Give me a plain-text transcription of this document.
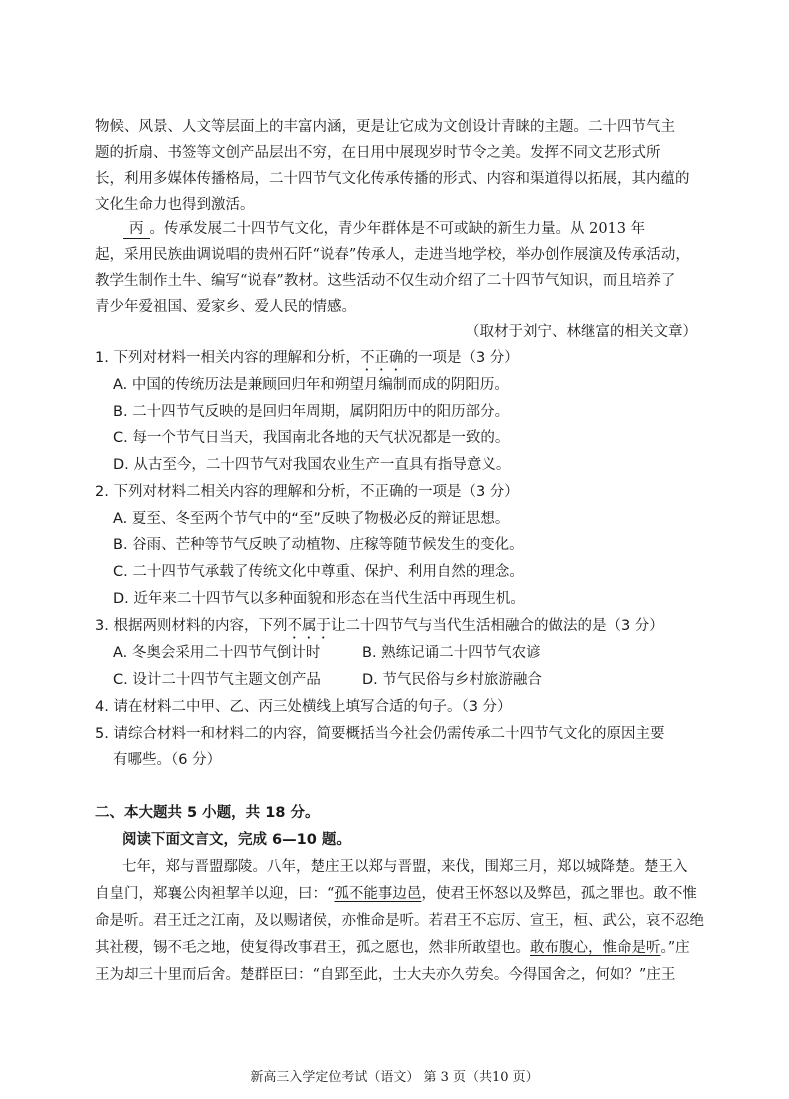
物候、风景、人文等层面上的丰富内涵，更是让它成为文创设计青睐的主题。二十四节气主
题的折扇、书签等文创产品层出不穷，在日用中展现岁时节令之美。发挥不同文艺形式所
长，利用多媒体传播格局，二十四节气文化传承传播的形式、内容和渠道得以拓展，其内蕴的
文化生命力也得到激活。
丙 。传承发展二十四节气文化，青少年群体是不可或缺的新生力量。从 2013 年
起，采用民族曲调说唱的贵州石阡“说春”传承人，走进当地学校，举办创作展演及传承活动，
教学生制作土牛、编写“说春”教材。这些活动不仅生动介绍了二十四节气知识，而且培养了
青少年爱祖国、爱家乡、爱人民的情感。
（取材于刘宁、林继富的相关文章）
1. 下列对材料一相关内容的理解和分析，不正确的一项是（3 分）
A. 中国的传统历法是兼顾回归年和朔望月编制而成的阴阳历。
B. 二十四节气反映的是回归年周期，属阴阳历中的阳历部分。
C. 每一个节气日当天，我国南北各地的天气状况都是一致的。
D. 从古至今，二十四节气对我国农业生产一直具有指导意义。
2. 下列对材料二相关内容的理解和分析，不正确的一项是（3 分）
A. 夏至、冬至两个节气中的“至”反映了物极必反的辩证思想。
B. 谷雨、芒种等节气反映了动植物、庄稼等随节候发生的变化。
C. 二十四节气承载了传统文化中尊重、保护、利用自然的理念。
D. 近年来二十四节气以多种面貌和形态在当代生活中再现生机。
3. 根据两则材料的内容，下列不属于让二十四节气与当代生活相融合的做法的是（3 分）
A. 冬奥会采用二十四节气倒计时	B. 熟练记诵二十四节气农谚
C. 设计二十四节气主题文创产品	D. 节气民俗与乡村旅游融合
4. 请在材料二中甲、乙、丙三处横线上填写合适的句子。（3 分）
5. 请综合材料一和材料二的内容，简要概括当今社会仍需传承二十四节气文化的原因主要
有哪些。（6 分）
二、本大题共 5 小题，共 18 分。
阅读下面文言文，完成 6—10 题。
七年，郑与晋盟鄢陵。八年，楚庄王以郑与晋盟，来伐，围郑三月，郑以城降楚。楚王入
自皇门，郑襄公肉袒挈羊以迎，曰：“孤不能事边邑，使君王怀怒以及弊邑，孤之罪也。敢不惟
命是听。君王迁之江南，及以赐诸侯，亦惟命是听。若君王不忘厉、宣王，桓、武公，哀不忍绝
其社稷，锡不毛之地，使复得改事君王，孤之愿也，然非所敢望也。敢布腹心，惟命是听。”庄
王为却三十里而后舍。楚群臣曰：“自郢至此，士大夫亦久劳矣。今得国舍之，何如？”庄王
新高三入学定位考试（语文） 第 3 页（共10 页）
